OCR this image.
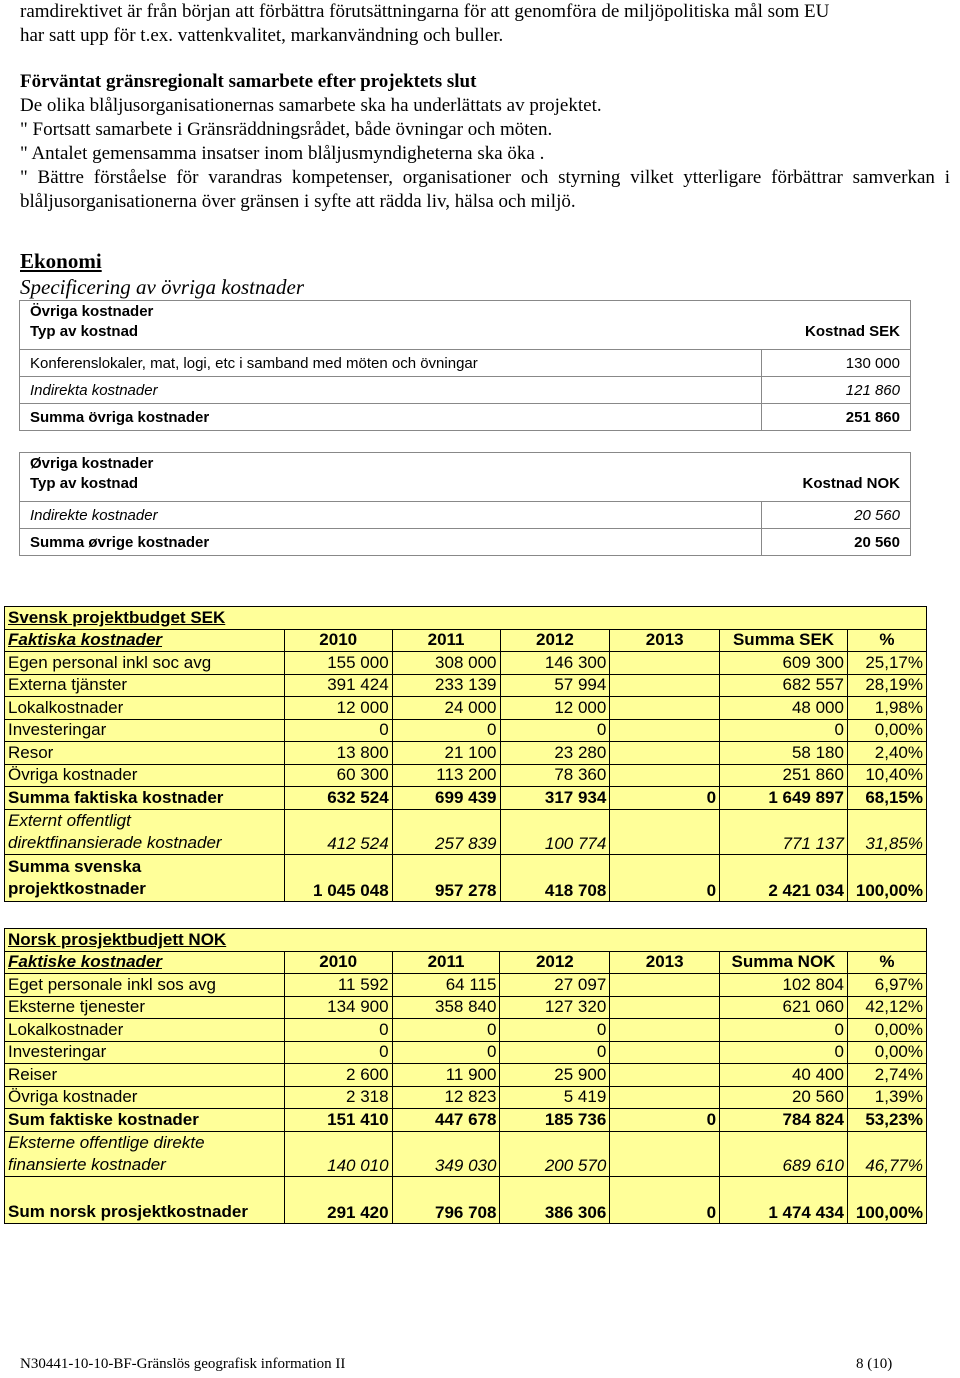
ramdirektivet är från början att förbättra förutsättningarna för att genomföra de miljöpolitiska mål som EU

har satt upp för t.ex. vattenkvalitet, markanvändning och buller.

Förväntat gränsregionalt samarbete efter projektets slut

De olika blåljusorganisationernas samarbete ska ha underlättats av projektet.

" Fortsatt samarbete i Gränsräddningsrådet, både övningar och möten.

" Antalet gemensamma insatser inom blåljusmyndigheterna ska öka .

" Bättre förståelse för varandras kompetenser, organisationer och styrning vilket ytterligare förbättrar samverkan i blåljusorganisationerna över gränsen i syfte att rädda liv, hälsa och miljö.

Ekonomi
Specificering av övriga kostnader
Övriga kostnader	
Typ av kostnad	Kostnad SEK
Konferenslokaler, mat, logi, etc i samband med möten och övningar	130 000
Indirekta kostnader	121 860
Summa övriga kostnader	251 860
Øvriga kostnader	
Typ av kostnad	Kostnad NOK
Indirekte kostnader	20 560
Summa øvrige kostnader	20 560
Svensk projektbudget SEK						
Faktiska kostnader	2010	2011	2012	2013	Summa SEK	%
Egen personal inkl soc avg	155 000	308 000	146 300		609 300	25,17%
Externa tjänster	391 424	233 139	57 994		682 557	28,19%
Lokalkostnader	12 000	24 000	12 000		48 000	1,98%
Investeringar	0	0	0		0	0,00%
Resor	13 800	21 100	23 280		58 180	2,40%
Övriga kostnader	60 300	113 200	78 360		251 860	10,40%
Summa faktiska kostnader	632 524	699 439	317 934	0	1 649 897	68,15%
Externt offentligt
direktfinansierade kostnader	412 524	257 839	100 774		771 137	31,85%
Summa svenska
projektkostnader	1 045 048	957 278	418 708	0	2 421 034	100,00%
Norsk prosjektbudjett NOK						
Faktiske kostnader	2010	2011	2012	2013	Summa NOK	%
Eget personale inkl sos avg	11 592	64 115	27 097		102 804	6,97%
Eksterne tjenester	134 900	358 840	127 320		621 060	42,12%
Lokalkostnader	0	0	0		0	0,00%
Investeringar	0	0	0		0	0,00%
Reiser	2 600	11 900	25 900		40 400	2,74%
Övriga kostnader	2 318	12 823	5 419		20 560	1,39%
Sum faktiske kostnader	151 410	447 678	185 736	0	784 824	53,23%
Eksterne offentlige direkte
finansierte kostnader	140 010	349 030	200 570		689 610	46,77%
Sum norsk prosjektkostnader	291 420	796 708	386 306	0	1 474 434	100,00%
N30441-10-10-BF-Gränslös geografisk information II	8 (10)
